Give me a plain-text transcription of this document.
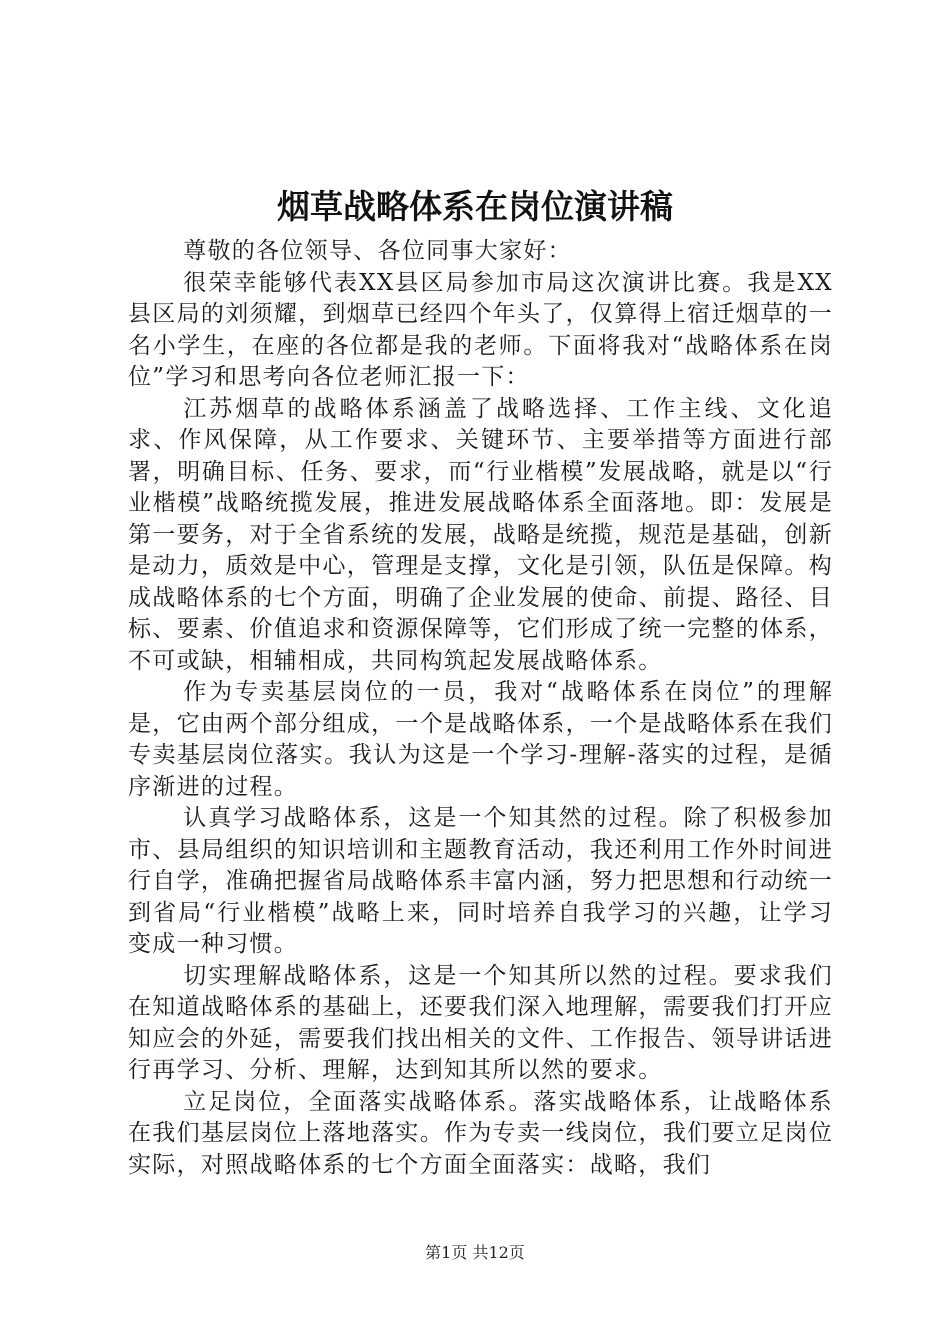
烟草战略体系在岗位演讲稿

尊敬的各位领导、各位同事大家好：

很荣幸能够代表XX县区局参加市局这次演讲比赛。我是XX县区局的刘须耀，到烟草已经四个年头了，仅算得上宿迁烟草的一名小学生，在座的各位都是我的老师。下面将我对“战略体系在岗位”学习和思考向各位老师汇报一下：

江苏烟草的战略体系涵盖了战略选择、工作主线、文化追求、作风保障，从工作要求、关键环节、主要举措等方面进行部署，明确目标、任务、要求，而“行业楷模”发展战略，就是以“行业楷模”战略统揽发展，推进发展战略体系全面落地。即：发展是第一要务，对于全省系统的发展，战略是统揽，规范是基础，创新是动力，质效是中心，管理是支撑，文化是引领，队伍是保障。构成战略体系的七个方面，明确了企业发展的使命、前提、路径、目标、要素、价值追求和资源保障等，它们形成了统一完整的体系，不可或缺，相辅相成，共同构筑起发展战略体系。

作为专卖基层岗位的一员，我对“战略体系在岗位”的理解是，它由两个部分组成，一个是战略体系，一个是战略体系在我们专卖基层岗位落实。我认为这是一个学习-理解-落实的过程，是循序渐进的过程。

认真学习战略体系，这是一个知其然的过程。除了积极参加市、县局组织的知识培训和主题教育活动，我还利用工作外时间进行自学，准确把握省局战略体系丰富内涵，努力把思想和行动统一到省局“行业楷模”战略上来，同时培养自我学习的兴趣，让学习变成一种习惯。

切实理解战略体系，这是一个知其所以然的过程。要求我们在知道战略体系的基础上，还要我们深入地理解，需要我们打开应知应会的外延，需要我们找出相关的文件、工作报告、领导讲话进行再学习、分析、理解，达到知其所以然的要求。

立足岗位，全面落实战略体系。落实战略体系，让战略体系在我们基层岗位上落地落实。作为专卖一线岗位，我们要立足岗位实际，对照战略体系的七个方面全面落实：战略，我们

第1页 共12页
